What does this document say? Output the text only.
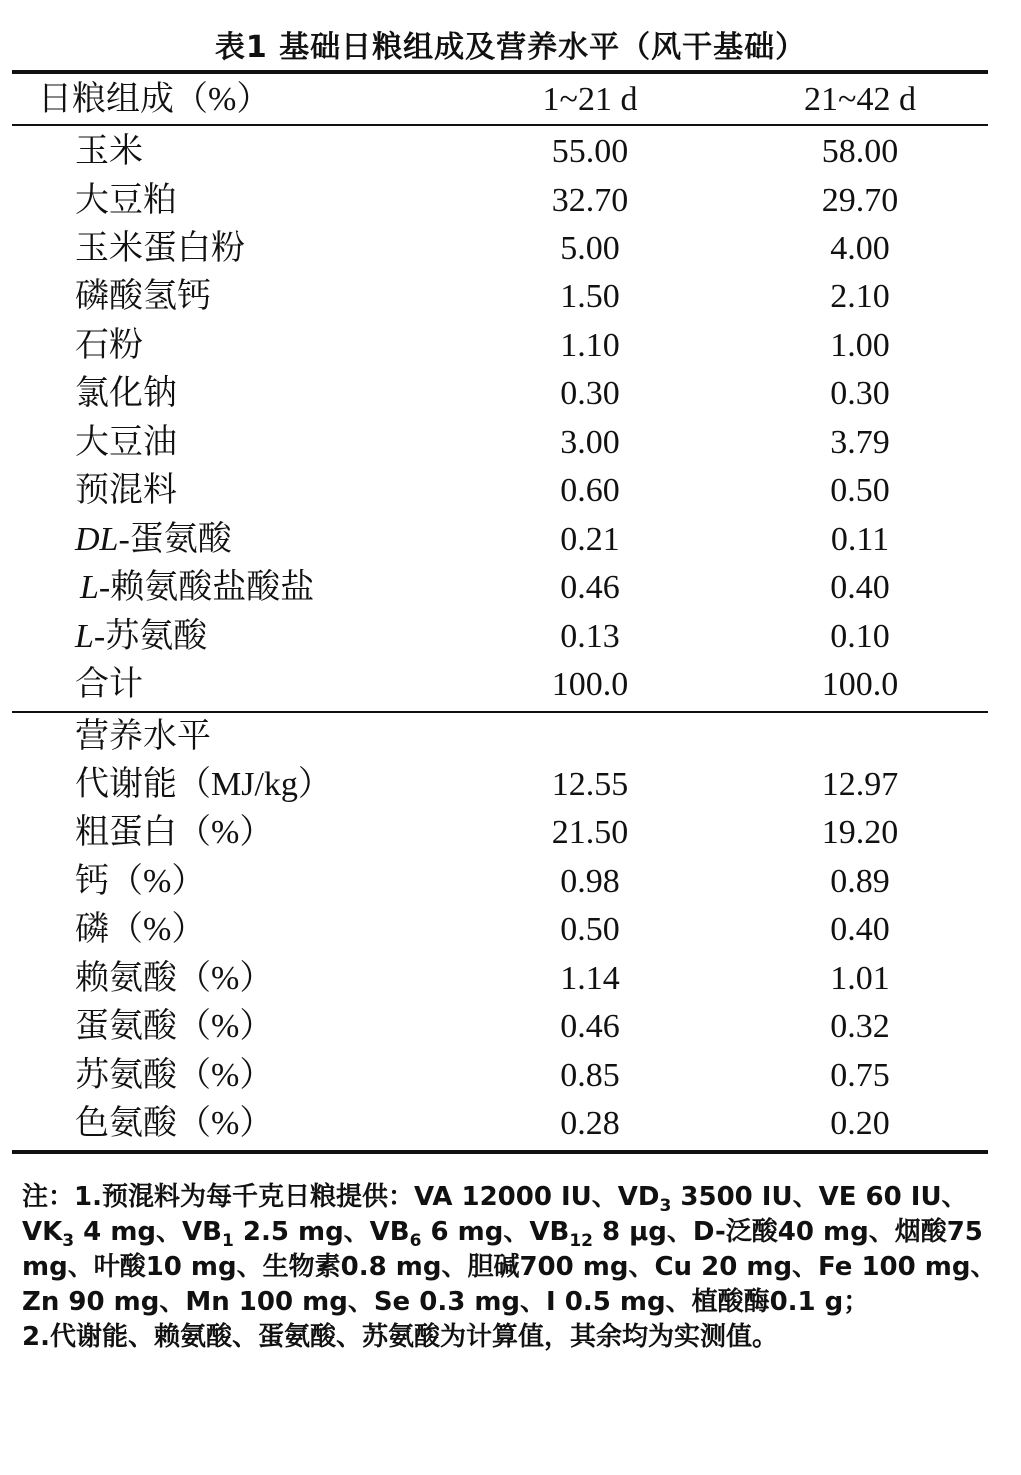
表1 基础日粮组成及营养水平（风干基础）
日粮组成（%）	1~21 d	21~42 d
玉米	55.00	58.00
大豆粕	32.70	29.70
玉米蛋白粉	5.00	4.00
磷酸氢钙	1.50	2.10
石粉	1.10	1.00
氯化钠	0.30	0.30
大豆油	3.00	3.79
预混料	0.60	0.50
DL-蛋氨酸	0.21	0.11
L-赖氨酸盐酸盐	0.46	0.40
L-苏氨酸	0.13	0.10
合计	100.0	100.0
营养水平
代谢能（MJ/kg）	12.55	12.97
粗蛋白（%）	21.50	19.20
钙（%）	0.98	0.89
磷（%）	0.50	0.40
赖氨酸（%）	1.14	1.01
蛋氨酸（%）	0.46	0.32
苏氨酸（%）	0.85	0.75
色氨酸（%）	0.28	0.20

注：1.预混料为每千克日粮提供：VA 12000 IU、$VD_3$ 3500 IU、VE 60 IU、$VK_3$ 4 mg、$VB_1$ 2.5 mg、$VB_6$ 6 mg、$VB_{12}$ 8 μg、D-泛酸40 mg、烟酸75 mg、叶酸10 mg、生物素0.8 mg、胆碱700 mg、Cu 20 mg、Fe 100 mg、Zn 90 mg、Mn 100 mg、Se 0.3 mg、I 0.5 mg、植酸酶0.1 g；

2.代谢能、赖氨酸、蛋氨酸、苏氨酸为计算值，其余均为实测值。
